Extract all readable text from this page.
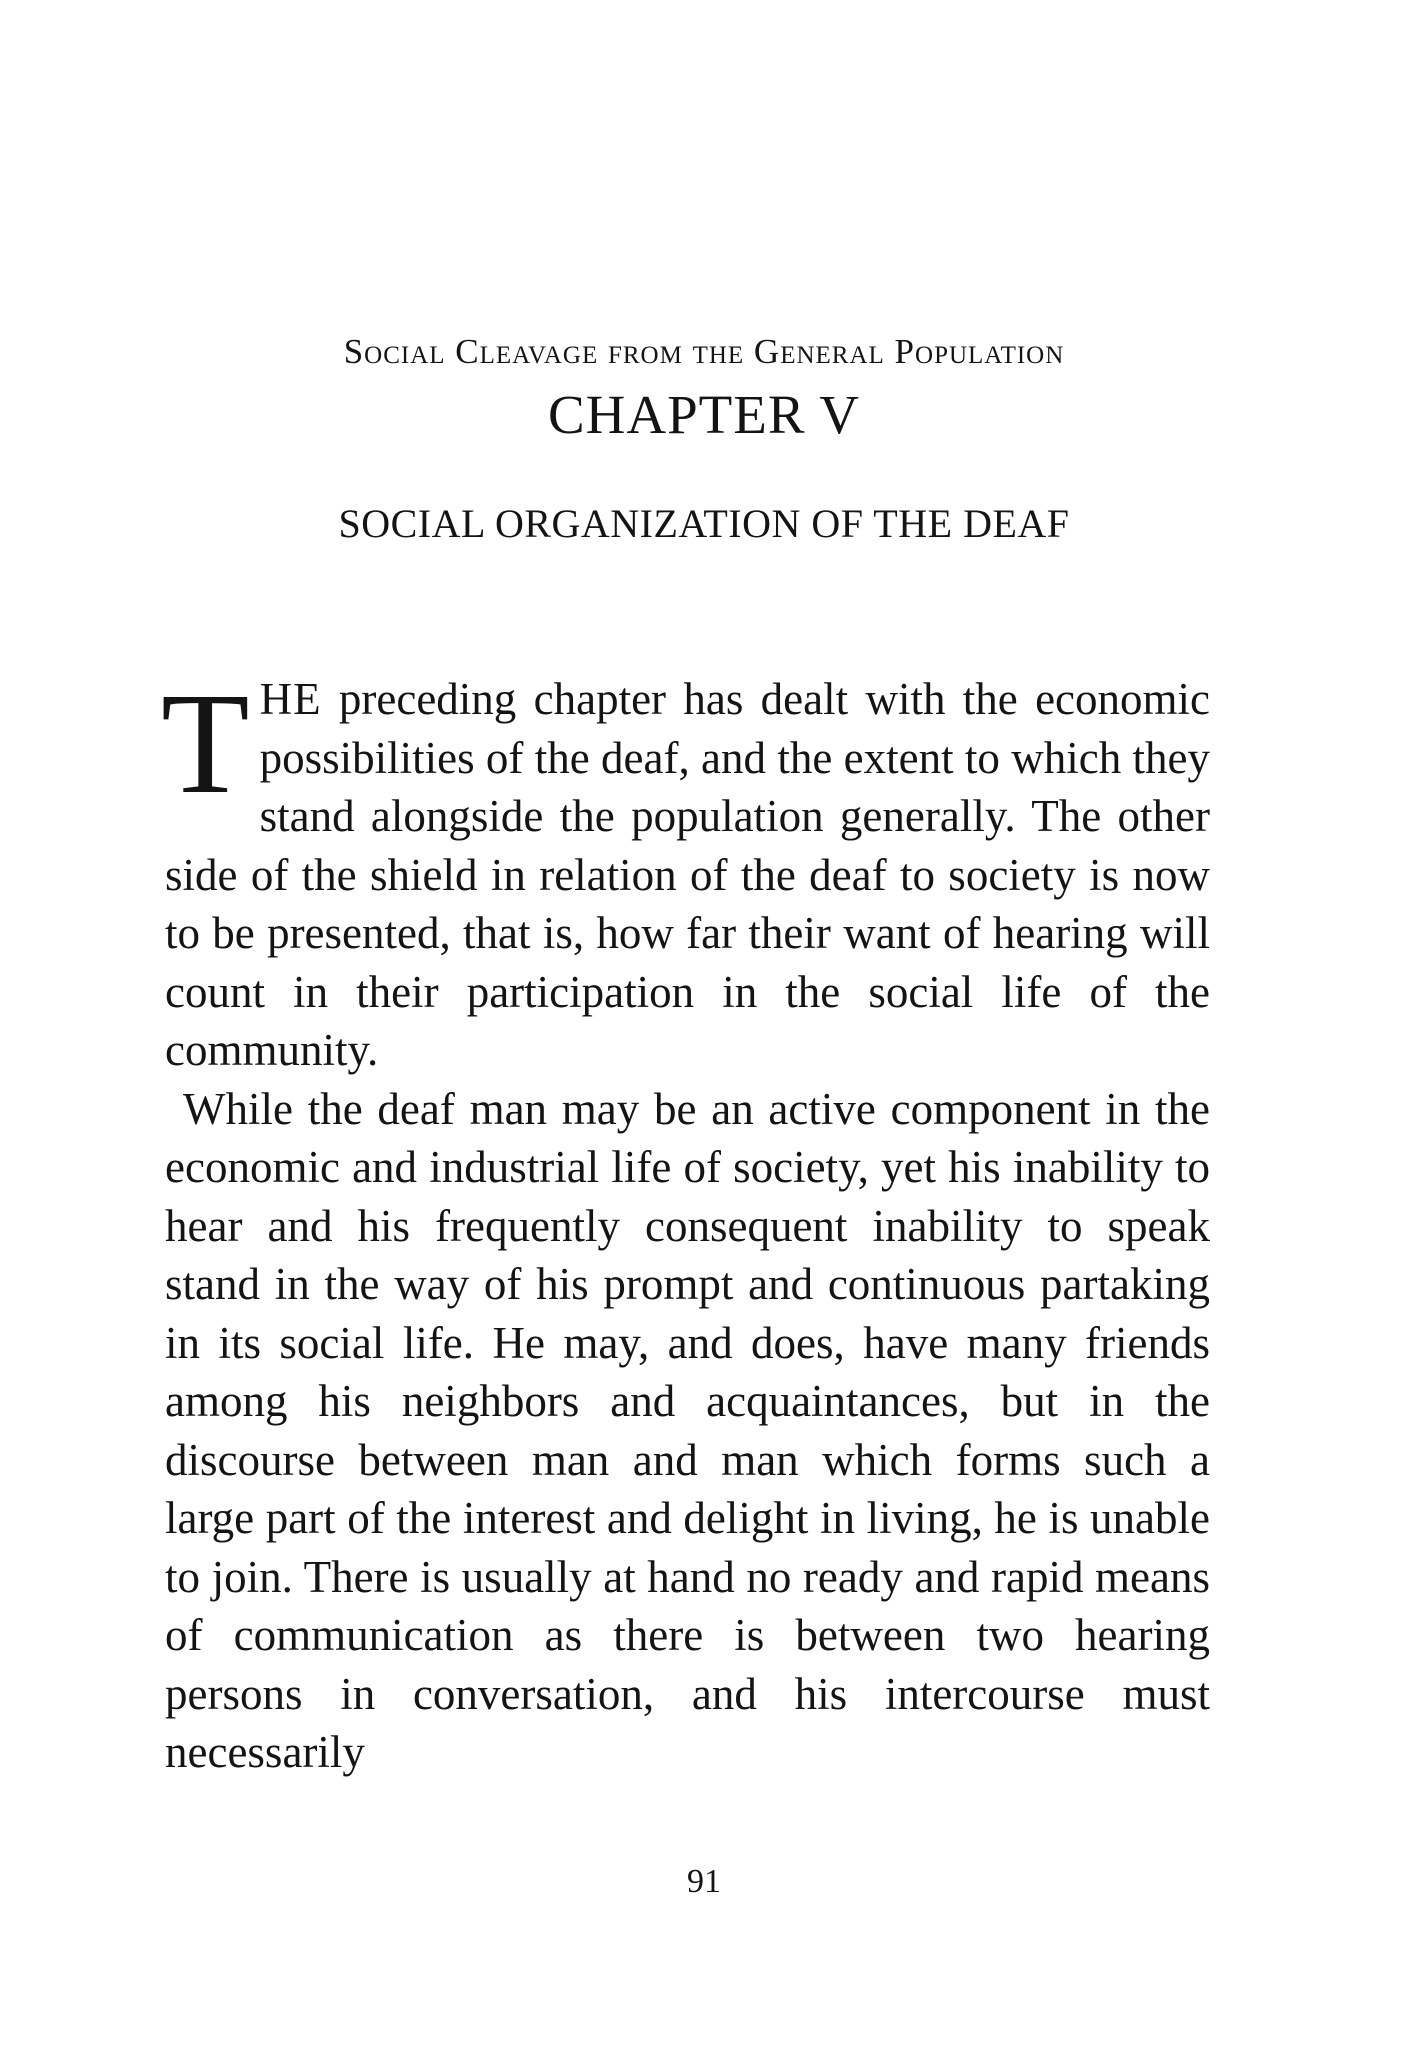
CHAPTER V
SOCIAL ORGANIZATION OF THE DEAF
Social Cleavage from the General Population

THE preceding chapter has dealt with the economic possibilities of the deaf, and the extent to which they stand alongside the population generally. The other side of the shield in relation of the deaf to society is now to be presented, that is, how far their want of hearing will count in their participation in the social life of the community.

While the deaf man may be an active component in the economic and industrial life of society, yet his inability to hear and his frequently consequent inability to speak stand in the way of his prompt and continuous partaking in its social life. He may, and does, have many friends among his neighbors and acquaintances, but in the discourse between man and man which forms such a large part of the interest and delight in living, he is unable to join. There is usually at hand no ready and rapid means of communication as there is between two hearing persons in conversation, and his intercourse must necessarily

91
